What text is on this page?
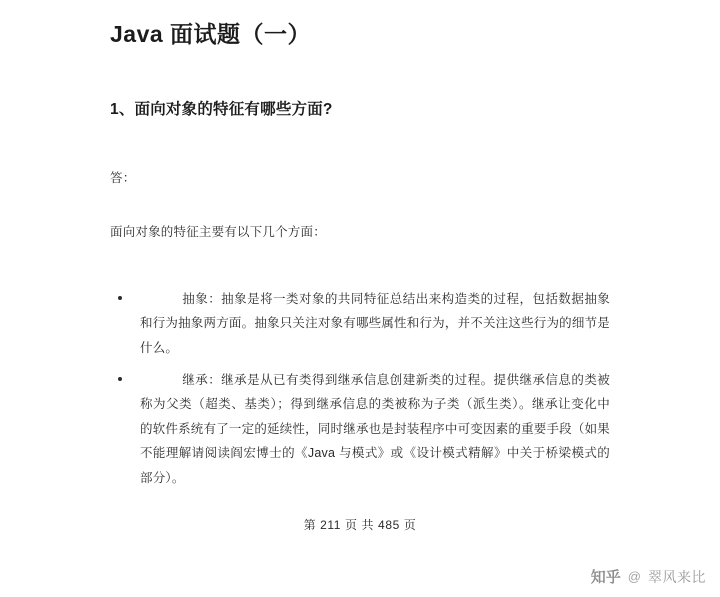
Java 面试题（一）
1、面向对象的特征有哪些方面?

答：

面向对象的特征主要有以下几个方面：

抽象：抽象是将一类对象的共同特征总结出来构造类的过程，包括数据抽象和行为抽象两方面。抽象只关注对象有哪些属性和行为，并不关注这些行为的细节是什么。
继承：继承是从已有类得到继承信息创建新类的过程。提供继承信息的类被称为父类（超类、基类）；得到继承信息的类被称为子类（派生类）。继承让变化中的软件系统有了一定的延续性，同时继承也是封装程序中可变因素的重要手段（如果不能理解请阅读阎宏博士的《Java 与模式》或《设计模式精解》中关于桥梁模式的部分）。
第 211 页 共 485 页
知乎 @ 翠风来比
